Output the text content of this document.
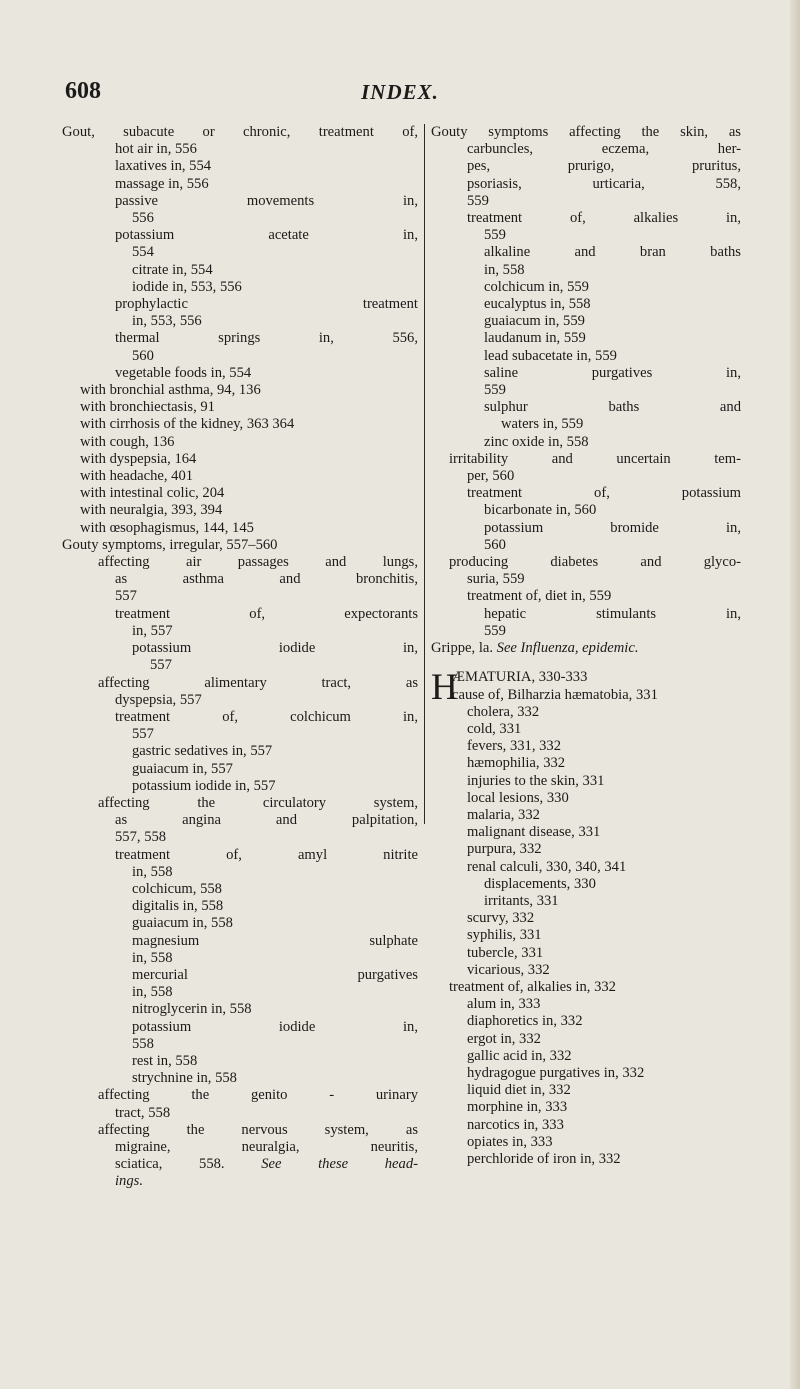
608	INDEX.
Gout, subacute or chronic, treatment of,
hot air in, 556
laxatives in, 554
massage in, 556
passive movements in,
556
potassium acetate in,
554
citrate in, 554
iodide in, 553, 556
prophylactic treatment
in, 553, 556
thermal springs in, 556,
560
vegetable foods in, 554
with bronchial asthma, 94, 136
with bronchiectasis, 91
with cirrhosis of the kidney, 363 364
with cough, 136
with dyspepsia, 164
with headache, 401
with intestinal colic, 204
with neuralgia, 393, 394
with œsophagismus, 144, 145
Gouty symptoms, irregular, 557–560
affecting air passages and lungs,
as asthma and bronchitis,
557
treatment of, expectorants
in, 557
potassium iodide in,
557
affecting alimentary tract, as
dyspepsia, 557
treatment of, colchicum in,
557
gastric sedatives in, 557
guaiacum in, 557
potassium iodide in, 557
affecting the circulatory system,
as angina and palpitation,
557, 558
treatment of, amyl nitrite
in, 558
colchicum, 558
digitalis in, 558
guaiacum in, 558
magnesium sulphate
in, 558
mercurial purgatives
in, 558
nitroglycerin in, 558
potassium iodide in,
558
rest in, 558
strychnine in, 558
affecting the genito - urinary
tract, 558
affecting the nervous system, as
migraine, neuralgia, neuritis,
sciatica, 558. See these head-
ings.
Gouty symptoms affecting the skin, as
carbuncles, eczema, her-
pes, prurigo, pruritus,
psoriasis, urticaria, 558,
559
treatment of, alkalies in,
559
alkaline and bran baths
in, 558
colchicum in, 559
eucalyptus in, 558
guaiacum in, 559
laudanum in, 559
lead subacetate in, 559
saline purgatives in,
559
sulphur baths and
waters in, 559
zinc oxide in, 558
irritability and uncertain tem-
per, 560
treatment of, potassium
bicarbonate in, 560
potassium bromide in,
560
producing diabetes and glyco-
suria, 559
treatment of, diet in, 559
hepatic stimulants in,
559
Grippe, la. See Influenza, epidemic.
H
ÆMATURIA, 330-333
cause of, Bilharzia hæmatobia, 331
cholera, 332
cold, 331
fevers, 331, 332
hæmophilia, 332
injuries to the skin, 331
local lesions, 330
malaria, 332
malignant disease, 331
purpura, 332
renal calculi, 330, 340, 341
displacements, 330
irritants, 331
scurvy, 332
syphilis, 331
tubercle, 331
vicarious, 332
treatment of, alkalies in, 332
alum in, 333
diaphoretics in, 332
ergot in, 332
gallic acid in, 332
hydragogue purgatives in, 332
liquid diet in, 332
morphine in, 333
narcotics in, 333
opiates in, 333
perchloride of iron in, 332
